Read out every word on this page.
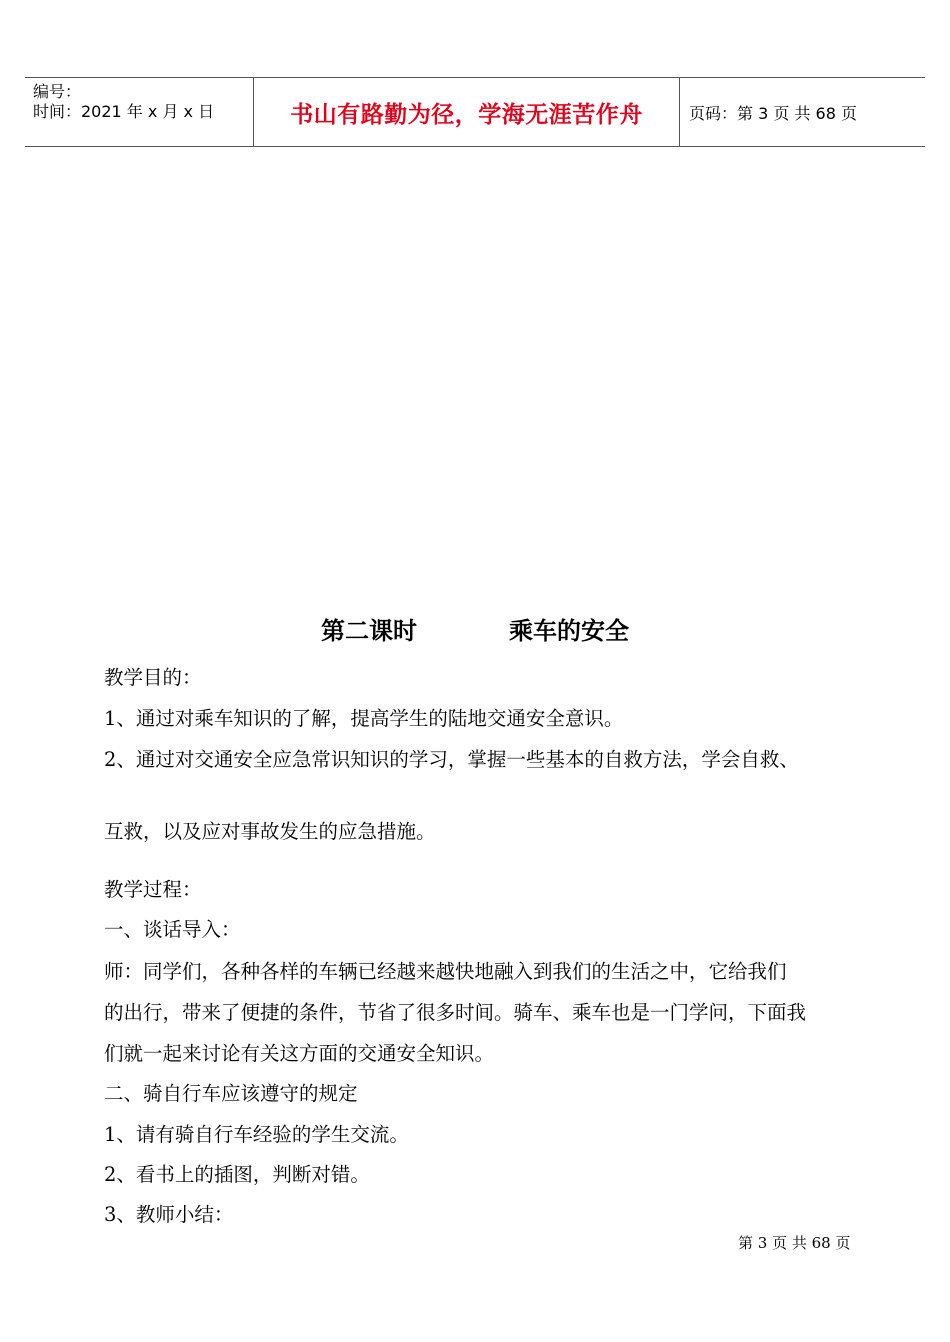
编号：
时间：2021 年 x 月 x 日	书山有路勤为径，学海无涯苦作舟	页码：第 3 页 共 68 页
第二课时	乘车的安全
教学目的：
1、通过对乘车知识的了解，提高学生的陆地交通安全意识。
2、通过对交通安全应急常识知识的学习，掌握一些基本的自救方法，学会自救、
互救，以及应对事故发生的应急措施。
教学过程：
一、谈话导入：
师：同学们，各种各样的车辆已经越来越快地融入到我们的生活之中，它给我们
的出行，带来了便捷的条件，节省了很多时间。骑车、乘车也是一门学问，下面我
们就一起来讨论有关这方面的交通安全知识。
二、骑自行车应该遵守的规定
1、请有骑自行车经验的学生交流。
2、看书上的插图，判断对错。
3、教师小结：
第 3 页 共 68 页
